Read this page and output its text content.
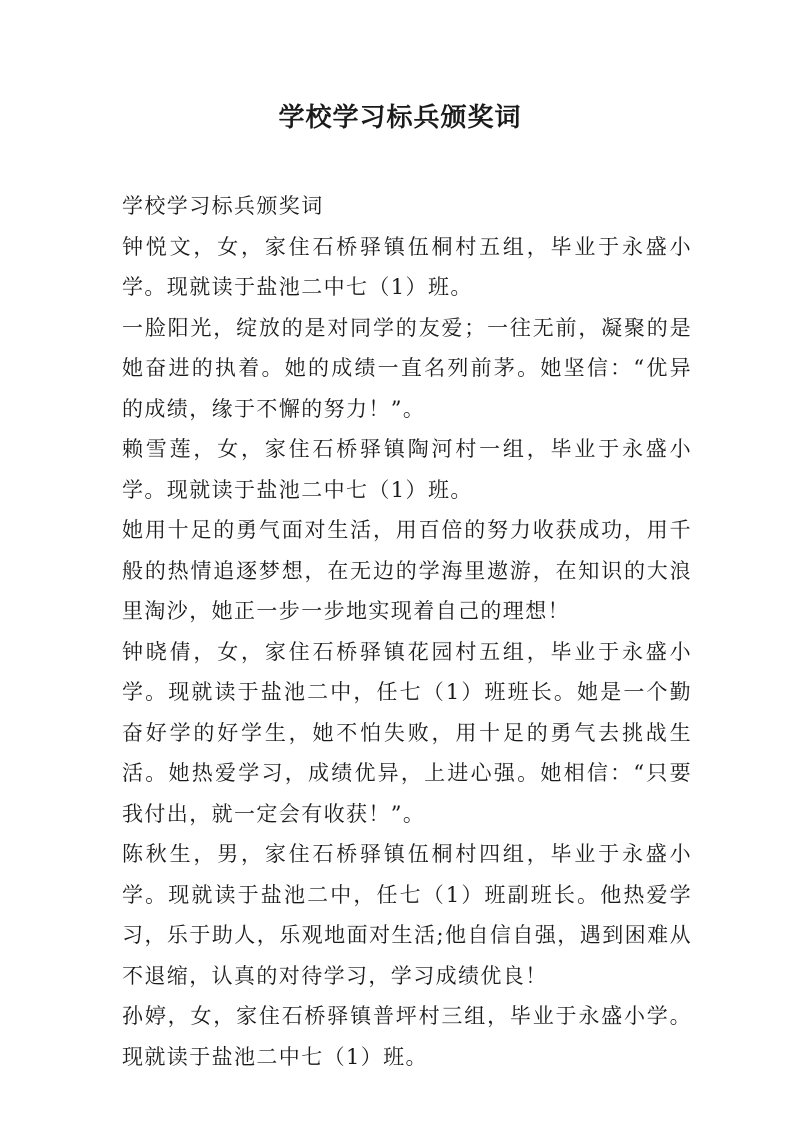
学校学习标兵颁奖词

学校学习标兵颁奖词

钟悦文，女，家住石桥驿镇伍桐村五组，毕业于永盛小学。现就读于盐池二中七（1）班。

一脸阳光，绽放的是对同学的友爱；一往无前，凝聚的是她奋进的执着。她的成绩一直名列前茅。她坚信：“优异的成绩，缘于不懈的努力！”。

赖雪莲，女，家住石桥驿镇陶河村一组，毕业于永盛小学。现就读于盐池二中七（1）班。

她用十足的勇气面对生活，用百倍的努力收获成功，用千般的热情追逐梦想，在无边的学海里遨游，在知识的大浪里淘沙，她正一步一步地实现着自己的理想！

钟晓倩，女，家住石桥驿镇花园村五组，毕业于永盛小学。现就读于盐池二中，任七（1）班班长。她是一个勤奋好学的好学生，她不怕失败，用十足的勇气去挑战生活。她热爱学习，成绩优异，上进心强。她相信：“只要我付出，就一定会有收获！”。

陈秋生，男，家住石桥驿镇伍桐村四组，毕业于永盛小学。现就读于盐池二中，任七（1）班副班长。他热爱学习，乐于助人，乐观地面对生活;他自信自强，遇到困难从不退缩，认真的对待学习，学习成绩优良！

孙婷，女，家住石桥驿镇普坪村三组，毕业于永盛小学。现就读于盐池二中七（1）班。
